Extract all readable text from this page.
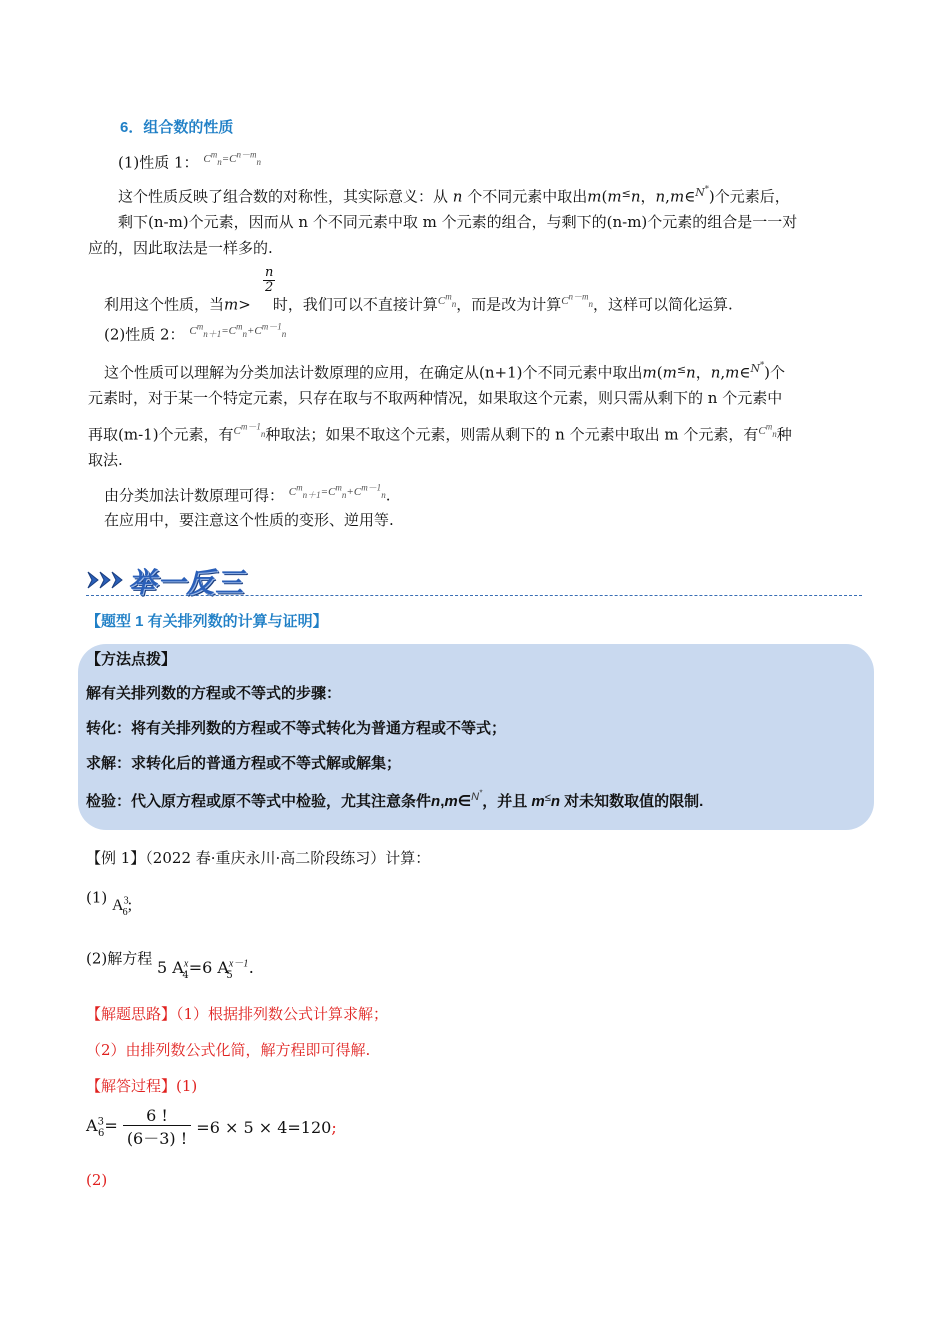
6．组合数的性质
(1)性质 1： $^{C^m_n=C^{n-m}_n}$
这个性质反映了组合数的对称性，其实际意义：从 n 个不同元素中取出m(m≤n，n,m∈$^{N^*}$)个元素后，
剩下(n-m)个元素，因而从 n 个不同元素中取 m 个元素的组合，与剩下的(n-m)个元素的组合是一一对
应的，因此取法是一样多的.
n
2
利用这个性质，当m> 时，我们可以不直接计算$^{C^m_n}$，而是改为计算$^{C^{n-m}_n}$，这样可以简化运算.
(2)性质 2： $^{C^m_{n+1}=C^m_n+C^{m-1}_n}$
这个性质可以理解为分类加法计数原理的应用，在确定从(n+1)个不同元素中取出m(m≤n，n,m∈$^{N^*}$)个
元素时，对于某一个特定元素，只存在取与不取两种情况，如果取这个元素，则只需从剩下的 n 个元素中
再取(m-1)个元素，有$^{C^{m-1}_n}$种取法；如果不取这个元素，则需从剩下的 n 个元素中取出 m 个元素，有$^{C^m_n}$种
取法.
由分类加法计数原理可得： $^{C^m_{n+1}=C^m_n+C^{m-1}_n}$.
在应用中，要注意这个性质的变形、逆用等.
举一反三
【题型 1 有关排列数的计算与证明】
【方法点拨】
解有关排列数的方程或不等式的步骤：
转化：将有关排列数的方程或不等式转化为普通方程或不等式；
求解：求转化后的普通方程或不等式解或解集；
检验：代入原方程或原不等式中检验，尤其注意条件n,m∈$^{N^*}$，并且 m≤n 对未知数取值的限制.
【例 1】（2022 春·重庆永川·高二阶段练习）计算：
(1) $A^3_6$;
(2)解方程 5 $A^x_4=6$ $A^{x-1}_5$ .
【解题思路】（1）根据排列数公式计算求解；
（2）由排列数公式化简，解方程即可得解.
【解答过程】(1)
$A^3_6= \frac{6 !}{(6-3) !} =6 \times 5 \times 4=120$;
(2)
